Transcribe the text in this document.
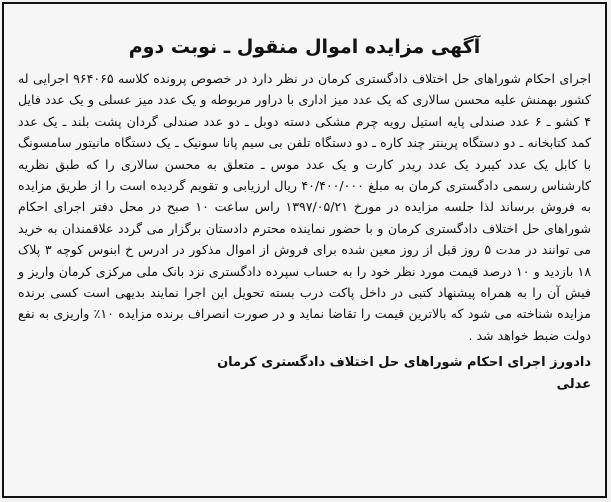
آگهی مزایده اموال منقول ـ نوبت دوم

اجرای احکام شوراهای حل اختلاف دادگستری کرمان در نظر دارد در خصوص پرونده کلاسه ۹۶۴۰۶۵ اجرایی له کشور بهمنش علیه محسن سالاری که یک عدد میز اداری با دراور مربوطه و یک عدد میز عسلی و یک عدد فایل ۴ کشو ـ ۶ عدد صندلی پایه استیل رویه چرم مشکی دسته دوبل ـ دو عدد صندلی گردان پشت بلند ـ یک عدد کمد کتابخانه ـ دو دستگاه پرینتر چند کاره ـ دو دستگاه تلفن بی سیم پانا سونیک ـ یک دستگاه مانیتور سامسونگ با کابل یک عدد کیبرد یک عدد ریدر کارت و یک عدد موس ـ متعلق به محسن سالاری را که طبق نظریه کارشناس رسمی دادگستری کرمان به مبلغ ۴۰/۴۰۰/۰۰۰ ریال ارزیابی و تقویم گردیده است را از طریق مزایده به فروش برساند لذا جلسه مزایده در مورخ ۱۳۹۷/۰۵/۲۱ راس ساعت ۱۰ صبح در محل دفتر اجرای احکام شوراهای حل اختلاف دادگستری کرمان و با حضور نماینده محترم دادستان برگزار می گردد علاقمندان به خرید می توانند در مدت ۵ روز قبل از روز معین شده برای فروش از اموال مذکور در ادرس خ ابنوس کوچه ۳ پلاک ۱۸ بازدید و ۱۰ درصد قیمت مورد نظر خود را به حساب سپرده دادگستری نزد بانک ملی مرکزی کرمان واریز و فیش آن را به همراه پیشنهاد کتبی در داخل پاکت درب بسته تحویل این اجرا نمایند بدیهی است کسی برنده مزایده شناخته می شود که بالاترین قیمت را تقاضا نماید و در صورت انصراف برنده مزایده ۱۰٪ واریزی به نفع دولت ضبط خواهد شد .

دادورز اجرای احکام شوراهای حل اختلاف دادگستری کرمان
عدلی
